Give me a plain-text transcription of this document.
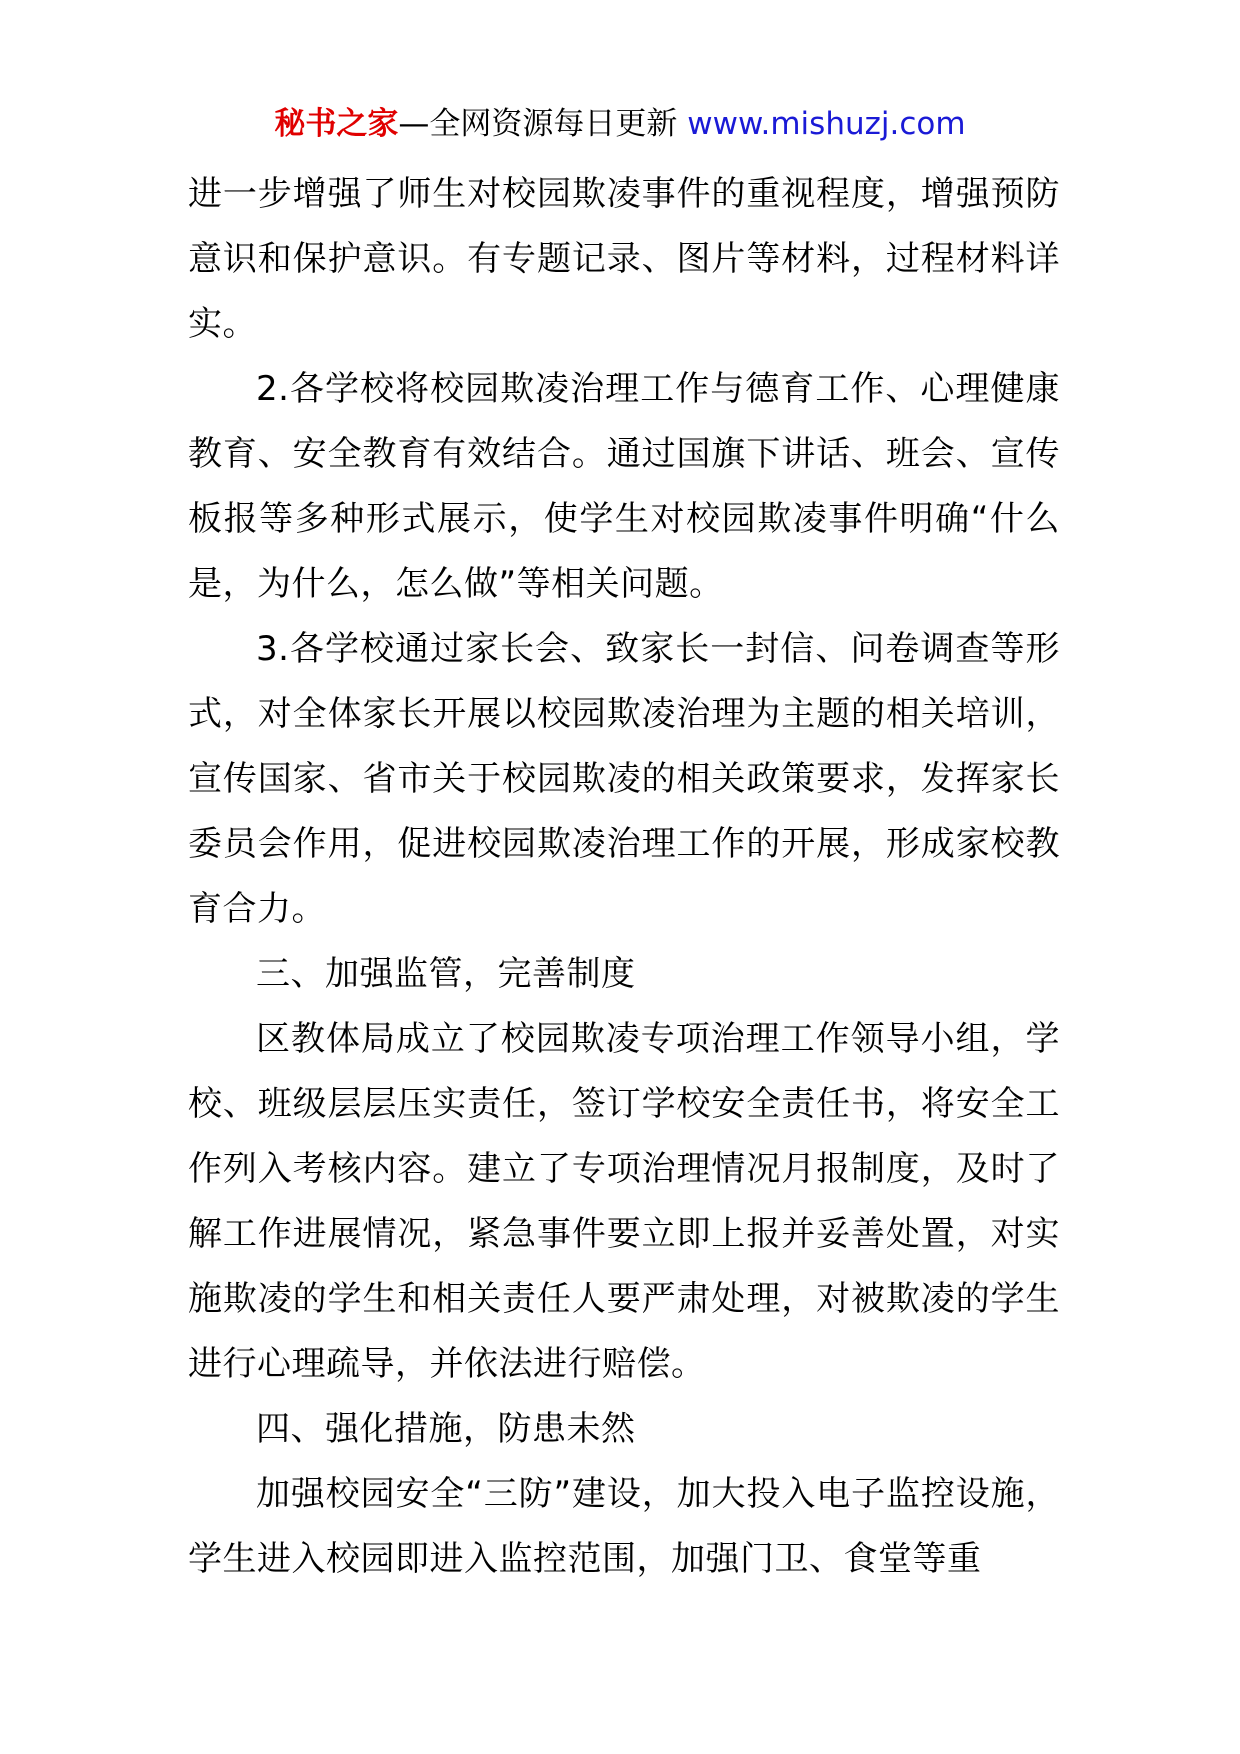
秘书之家—全网资源每日更新 www.mishuzj.com

进一步增强了师生对校园欺凌事件的重视程度，增强预防意识和保护意识。有专题记录、图片等材料，过程材料详实。

2.各学校将校园欺凌治理工作与德育工作、心理健康教育、安全教育有效结合。通过国旗下讲话、班会、宣传板报等多种形式展示，使学生对校园欺凌事件明确“什么是，为什么，怎么做”等相关问题。

3.各学校通过家长会、致家长一封信、问卷调查等形式，对全体家长开展以校园欺凌治理为主题的相关培训，宣传国家、省市关于校园欺凌的相关政策要求，发挥家长委员会作用，促进校园欺凌治理工作的开展，形成家校教育合力。

三、加强监管，完善制度

区教体局成立了校园欺凌专项治理工作领导小组，学校、班级层层压实责任，签订学校安全责任书，将安全工作列入考核内容。建立了专项治理情况月报制度，及时了解工作进展情况，紧急事件要立即上报并妥善处置，对实施欺凌的学生和相关责任人要严肃处理，对被欺凌的学生进行心理疏导，并依法进行赔偿。

四、强化措施，防患未然

加强校园安全“三防”建设，加大投入电子监控设施，学生进入校园即进入监控范围，加强门卫、食堂等重
